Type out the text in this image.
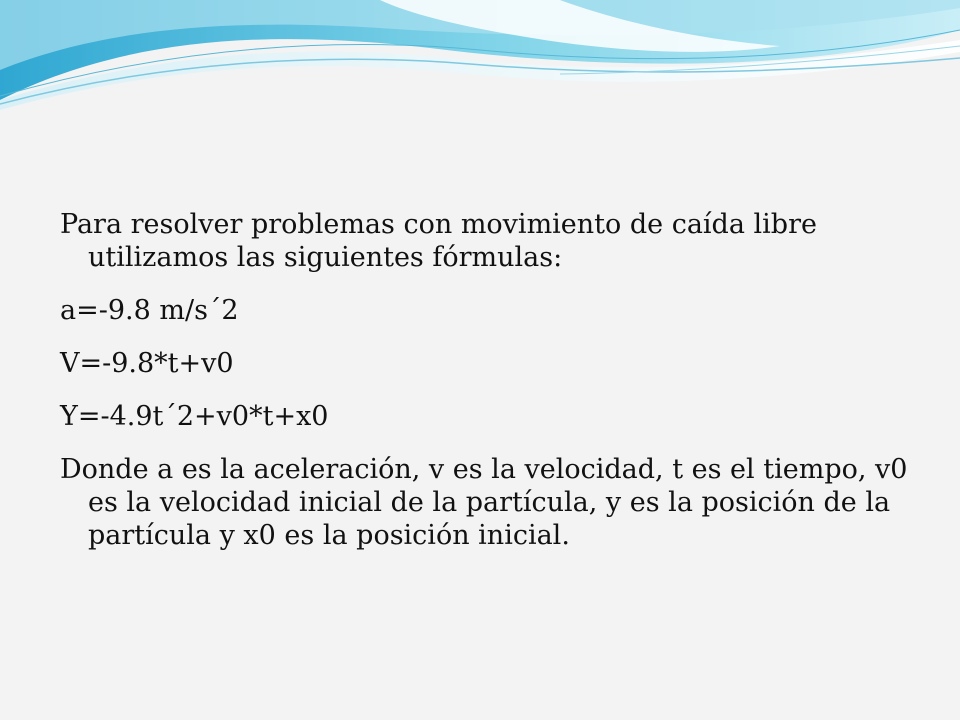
Para resolver problemas con movimiento de caída libre utilizamos las siguientes fórmulas:

a=-9.8 m/s´2

V=-9.8*t+v0

Y=-4.9t´2+v0*t+x0

Donde a es la aceleración, v es la velocidad, t es el tiempo, v0 es la velocidad inicial de la partícula, y es la posición de la partícula y x0 es la posición inicial.
